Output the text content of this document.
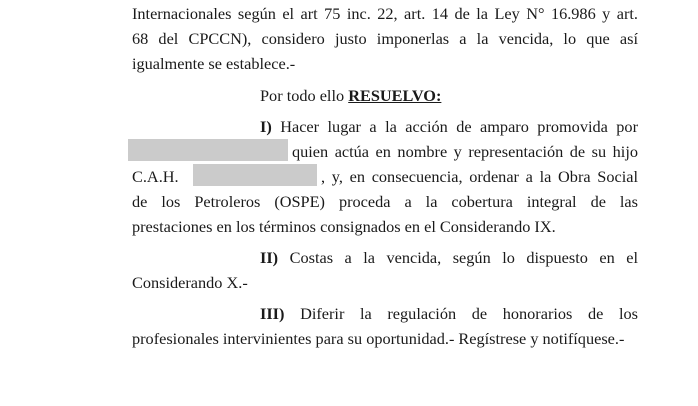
Internacionales según el art 75 inc. 22, art. 14 de la Ley N° 16.986 y art.
68 del CPCCN), considero justo imponerlas a la vencida, lo que así
igualmente se establece.-
Por todo ello RESUELVO:
I) Hacer lugar a la acción de amparo promovida por
quien actúa en nombre y representación de su hijo
C.A.H.	, y, en consecuencia, ordenar a la Obra Social
de los Petroleros (OSPE) proceda a la cobertura integral de las
prestaciones en los términos consignados en el Considerando IX.
II) Costas a la vencida, según lo dispuesto en el
Considerando X.-
III) Diferir la regulación de honorarios de los
profesionales intervinientes para su oportunidad.- Regístrese y notifíquese.-
